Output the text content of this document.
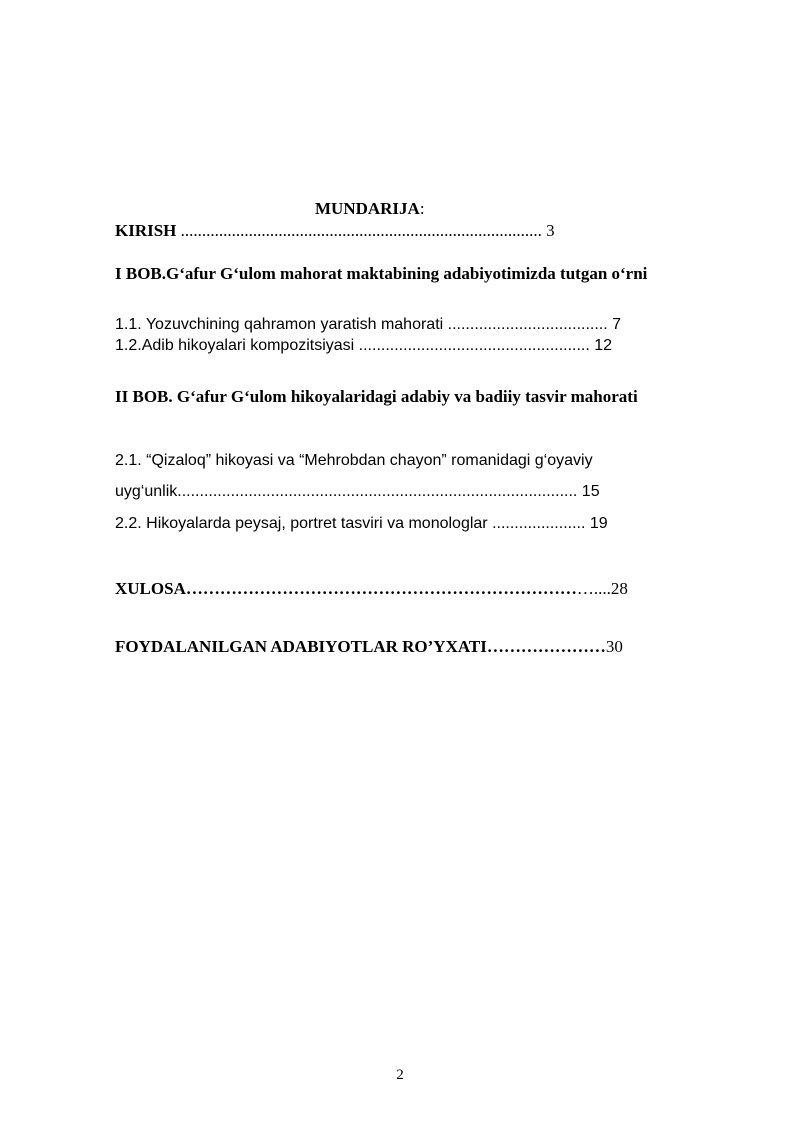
MUNDARIJA:
KIRISH ..................................................................................... 3
I BOB.G‘afur G‘ulom mahorat maktabining adabiyotimizda tutgan o‘rni
1.1. Yozuvchining qahramon yaratish mahorati .................................... 7
1.2.Adib hikoyalari kompozitsiyasi .................................................... 12
II BOB. G‘afur G‘ulom hikoyalaridagi adabiy va badiiy tasvir mahorati
2.1. “Qizaloq” hikoyasi va “Mehrobdan chayon” romanidagi g‘oyaviy
uyg‘unlik.......................................................................................... 15
2.2. Hikoyalarda peysaj, portret tasviri va monologlar ..................... 19
XULOSA………………………………………………………………....28
FOYDALANILGAN ADABIYOTLAR RO’YXATI…………………30
2
